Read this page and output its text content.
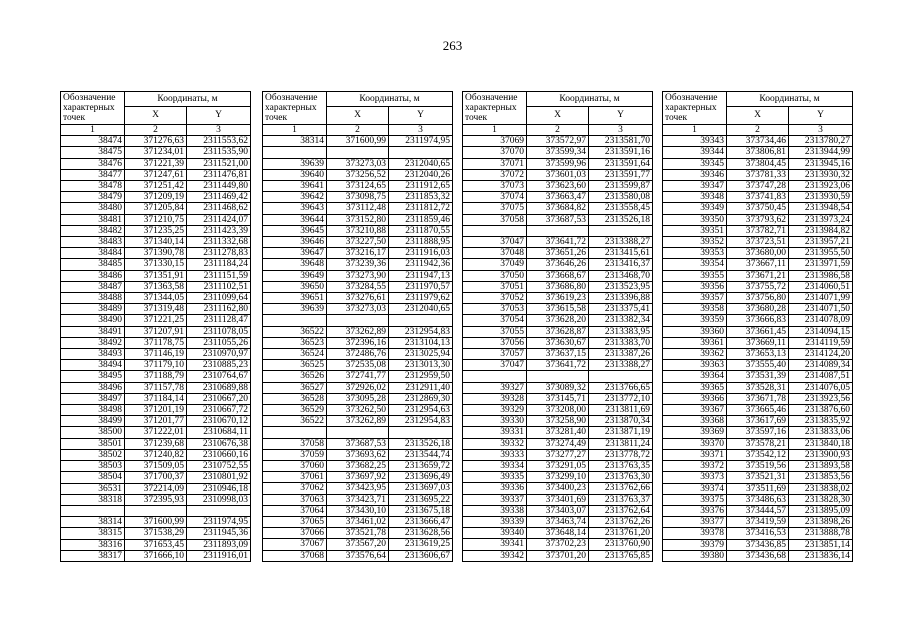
263
Обозначение характерных точек	Координаты, м	
	X	Y
1	2	3
38474	371276,63	2311553,62
38475	371234,01	2311535,90
38476	371221,39	2311521,00
38477	371247,61	2311476,81
38478	371251,42	2311449,80
38479	371209,19	2311469,42
38480	371205,84	2311468,62
38481	371210,75	2311424,07
38482	371235,25	2311423,39
38483	371340,14	2311332,68
38484	371390,78	2311278,83
38485	371330,15	2311184,24
38486	371351,91	2311151,59
38487	371363,58	2311102,51
38488	371344,05	2311099,64
38489	371319,48	2311162,80
38490	371221,25	2311128,47
38491	371207,91	2311078,05
38492	371178,75	2311055,26
38493	371146,19	2310970,97
38494	371179,10	2310885,23
38495	371188,79	2310764,67
38496	371157,78	2310689,88
38497	371184,14	2310667,20
38498	371201,19	2310667,72
38499	371201,77	2310670,12
38500	371222,01	2310684,11
38501	371239,68	2310676,38
38502	371240,82	2310660,16
38503	371509,05	2310752,55
38504	371700,37	2310801,92
36531	372214,09	2310946,18
38318	372395,93	2310998,03

38314	371600,99	2311974,95
38315	371538,29	2311945,36
38316	371653,45	2311893,09
38317	371666,10	2311916,01
Обозначение характерных точек	Координаты, м	
	X	Y
1	2	3
38314	371600,99	2311974,95

39639	373273,03	2312040,65
39640	373256,52	2312040,26
39641	373124,65	2311912,65
39642	373098,75	2311853,32
39643	373112,48	2311812,72
39644	373152,80	2311859,46
39645	373210,88	2311870,55
39646	373227,50	2311888,95
39647	373216,17	2311916,03
39648	373239,36	2311942,36
39649	373273,90	2311947,13
39650	373284,55	2311970,57
39651	373276,61	2311979,62
39639	373273,03	2312040,65

36522	373262,89	2312954,83
36523	372396,16	2313104,13
36524	372486,76	2313025,94
36525	372535,08	2313013,30
36526	372741,77	2312959,50
36527	372926,02	2312911,40
36528	373095,28	2312869,30
36529	373262,50	2312954,63
36522	373262,89	2312954,83

37058	373687,53	2313526,18
37059	373693,62	2313544,74
37060	373682,25	2313659,72
37061	373697,92	2313696,49
37062	373423,95	2313697,03
37063	373423,71	2313695,22
37064	373430,10	2313675,18
37065	373461,02	2313666,47
37066	373521,78	2313628,56
37067	373567,20	2313619,25
37068	373576,64	2313606,67
Обозначение характерных точек	Координаты, м	
	X	Y
1	2	3
37069	373572,97	2313581,70
37070	373599,34	2313591,16
37071	373599,96	2313591,64
37072	373601,03	2313591,77
37073	373623,60	2313599,87
37074	373663,47	2313580,08
37075	373684,82	2313558,45
37058	373687,53	2313526,18

37047	373641,72	2313388,27
37048	373651,26	2313415,61
37049	373646,26	2313416,37
37050	373668,67	2313468,70
37051	373686,80	2313523,95
37052	373619,23	2313396,88
37053	373615,58	2313375,41
37054	373628,20	2313382,34
37055	373628,87	2313383,95
37056	373630,67	2313383,70
37057	373637,15	2313387,26
37047	373641,72	2313388,27

39327	373089,32	2313766,65
39328	373145,71	2313772,10
39329	373208,00	2313811,69
39330	373258,90	2313870,34
39331	373281,40	2313871,19
39332	373274,49	2313811,24
39333	373277,27	2313778,72
39334	373291,05	2313763,35
39335	373299,10	2313763,30
39336	373400,23	2313762,66
39337	373401,69	2313763,37
39338	373403,07	2313762,64
39339	373463,74	2313762,26
39340	373648,14	2313761,20
39341	373702,23	2313760,90
39342	373701,20	2313765,85
Обозначение характерных точек	Координаты, м	
	X	Y
1	2	3
39343	373734,46	2313780,27
39344	373806,81	2313944,99
39345	373804,45	2313945,16
39346	373781,33	2313930,32
39347	373747,28	2313923,06
39348	373741,83	2313930,59
39349	373750,45	2313948,54
39350	373793,62	2313973,24
39351	373782,71	2313984,82
39352	373723,51	2313957,21
39353	373680,00	2313955,50
39354	373667,11	2313971,59
39355	373671,21	2313986,58
39356	373755,72	2314060,51
39357	373756,80	2314071,99
39358	373680,28	2314071,50
39359	373666,83	2314078,09
39360	373661,45	2314094,15
39361	373669,11	2314119,59
39362	373653,13	2314124,20
39363	373555,40	2314089,34
39364	373531,39	2314087,51
39365	373528,31	2314076,05
39366	373671,78	2313923,56
39367	373665,46	2313876,60
39368	373617,69	2313835,92
39369	373597,16	2313833,06
39370	373578,21	2313840,18
39371	373542,12	2313900,93
39372	373519,56	2313893,58
39373	373521,31	2313853,56
39374	373511,69	2313838,02
39375	373486,63	2313828,30
39376	373444,57	2313895,09
39377	373419,59	2313898,26
39378	373416,53	2313888,78
39379	373436,85	2313851,14
39380	373436,68	2313836,14
